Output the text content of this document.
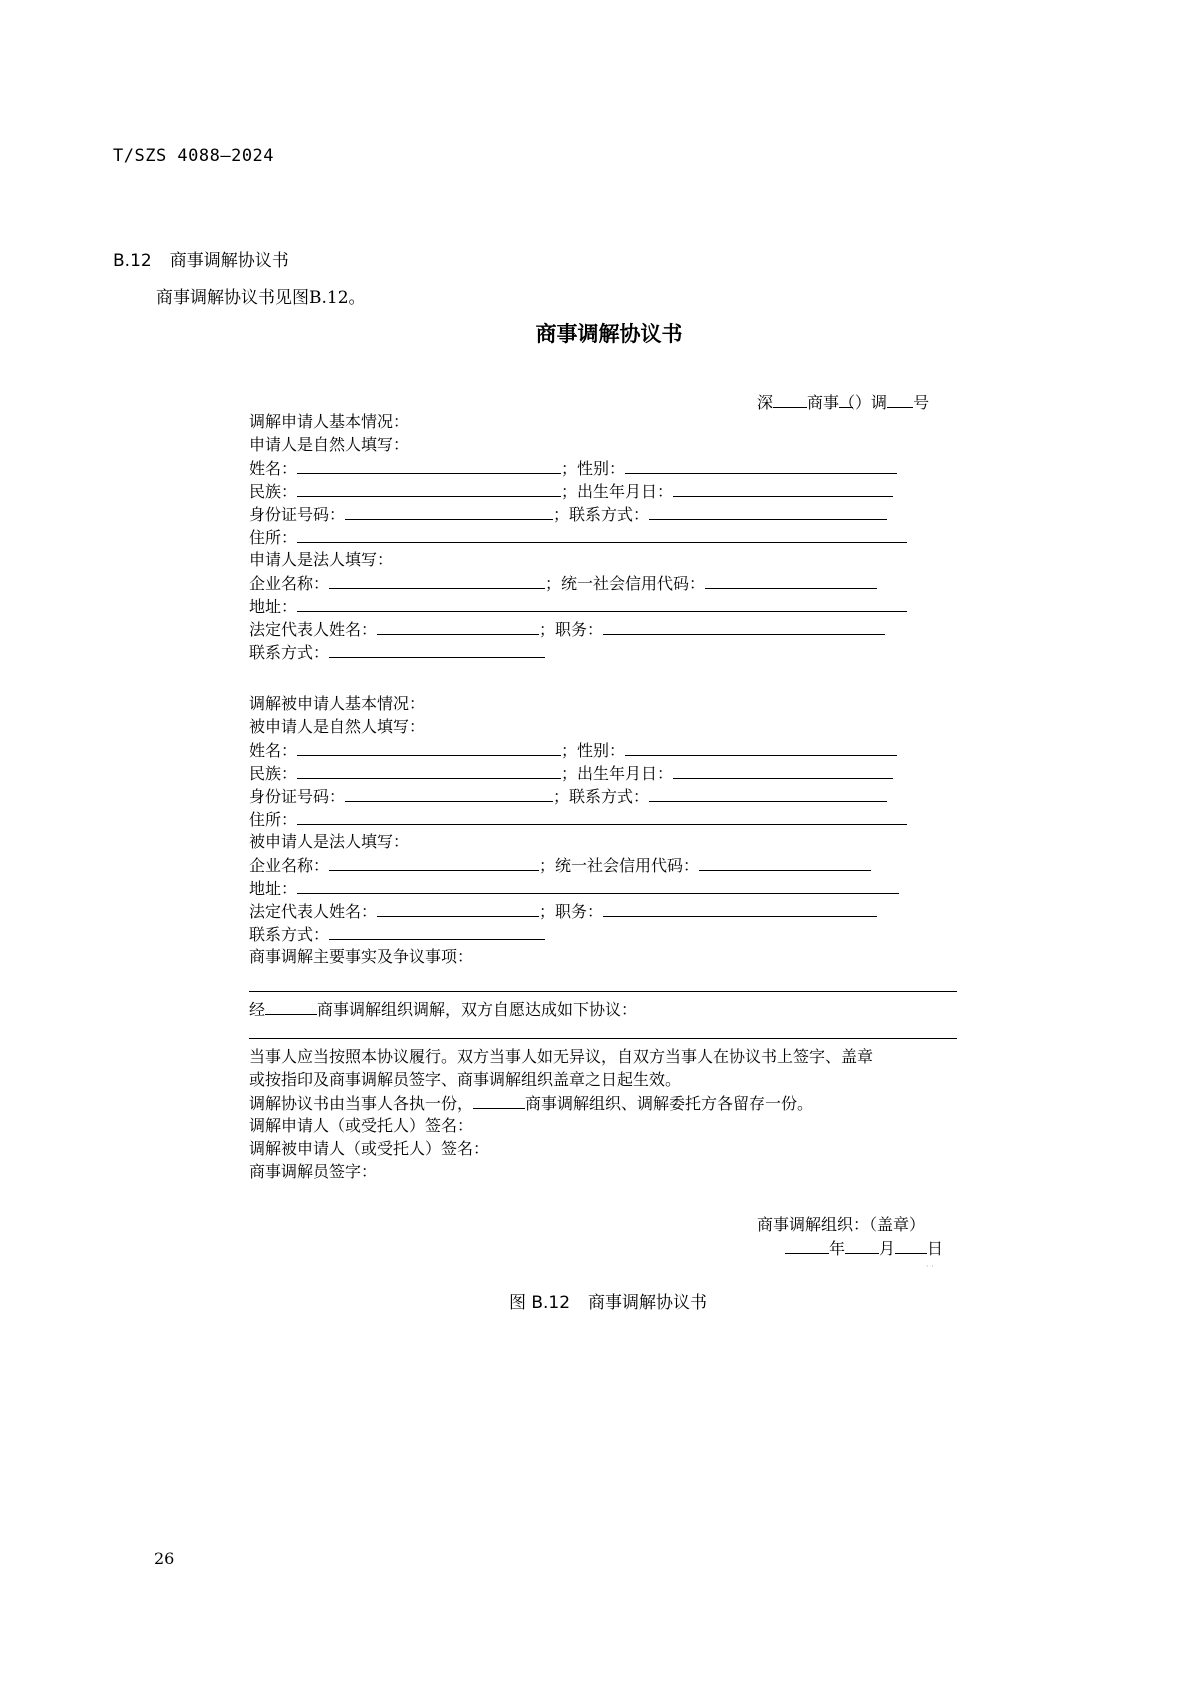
T/SZS 4088—2024
B.12 商事调解协议书
商事调解协议书见图B.12。
商事调解协议书
深 商事（）调 号
调解申请人基本情况：
申请人是自然人填写：
姓名：	；性别：
民族：	；出生年月日：
身份证号码：	；联系方式：
住所：
申请人是法人填写：
企业名称：	；统一社会信用代码：
地址：
法定代表人姓名：	；职务：
联系方式：
调解被申请人基本情况：
被申请人是自然人填写：
姓名：	；性别：
民族：	；出生年月日：
身份证号码：	；联系方式：
住所：
被申请人是法人填写：
企业名称：	；统一社会信用代码：
地址：
法定代表人姓名：	；职务：
联系方式：
商事调解主要事实及争议事项：
经	商事调解组织调解，双方自愿达成如下协议：
当事人应当按照本协议履行。双方当事人如无异议，自双方当事人在协议书上签字、盖章
或按指印及商事调解员签字、商事调解组织盖章之日起生效。
调解协议书由当事人各执一份，	商事调解组织、调解委托方各留存一份。
调解申请人（或受托人）签名：
调解被申请人（或受托人）签名：
商事调解员签字：
商事调解组织：（盖章）
年 月 日
· ·
图 B.12 商事调解协议书
26
